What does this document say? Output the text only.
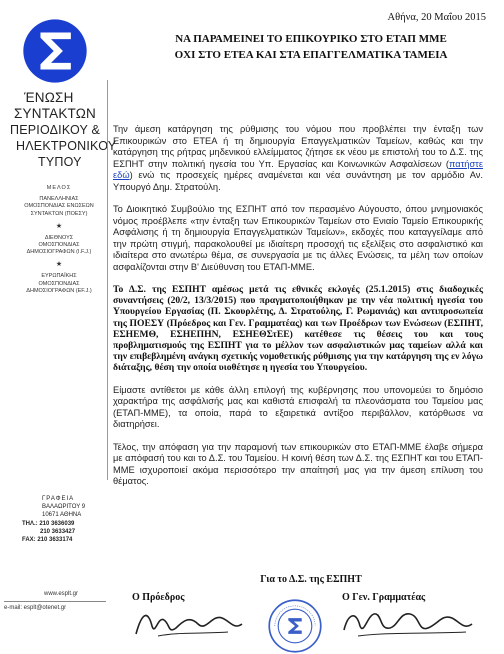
ΈΝΩΣΗ
ΣΥΝΤΑΚΤΩΝ
ΠΕΡΙΟΔΙΚΟΥ &
ΗΛΕΚΤΡΟΝΙΚΟΥ
ΤΥΠΟΥ
ΜΕΛΟΣ
ΠΑΝΕΛΛΗΝΙΑΣ ΟΜΟΣΠΟΝΔΙΑΣ ΕΝΩΣΕΩΝ ΣΥΝΤΑΚΤΩΝ (ΠΟΕΣΥ)
★
ΔΙΕΘΝΟΥΣ ΟΜΟΣΠΟΝΔΙΑΣ ΔΗΜΟΣΙΟΓΡΑΦΩΝ (Ι.F.J.)
★
ΕΥΡΩΠΑΪΚΗΣ ΟΜΟΣΠΟΝΔΙΑΣ ΔΗΜΟΣΙΟΓΡΑΦΩΝ (ΕF.J.)
ΓΡΑΦΕΙΑ
ΒΑΛΑΩΡΙΤΟΥ 9
10671 ΑΘΗΝΑ
ΤΗΛ.: 210 3636039
210 3633427
FAX: 210 3633174
www.esplt.gr
e-mail: esplt@otenet.gr
Αθήνα, 20 Μαΐου 2015
ΝΑ ΠΑΡΑΜΕΙΝΕΙ ΤΟ ΕΠΙΚΟΥΡΙΚΟ ΣΤΟ ΕΤΑΠ ΜΜΕ
ΟΧΙ ΣΤΟ ΕΤΕΑ ΚΑΙ ΣΤΑ ΕΠΑΓΓΕΛΜΑΤΙΚΑ ΤΑΜΕΙΑ

Την άμεση κατάργηση της ρύθμισης του νόμου που προβλέπει την ένταξη των Επικουρικών στο ΕΤΕΑ ή τη δημιουργία Επαγγελματικών Ταμείων, καθώς και την κατάργηση της ρήτρας μηδενικού ελλείμματος ζήτησε εκ νέου με επιστολή του το Δ.Σ. της ΕΣΠΗΤ στην πολιτική ηγεσία του Υπ. Εργασίας και Κοινωνικών Ασφαλίσεων (πατήστε εδώ) ενώ τις προσεχείς ημέρες αναμένεται και νέα συνάντηση με τον αρμόδιο Αν. Υπουργό Δημ. Στρατούλη.

Το Διοικητικό Συμβούλιο της ΕΣΠΗΤ από τον περασμένο Αύγουστο, όπου μνημονιακός νόμος προέβλεπε «την ένταξη των Επικουρικών Ταμείων στο Ενιαίο Ταμείο Επικουρικής Ασφάλισης ή τη δημιουργία Επαγγελματικών Ταμείων», εκδοχές που καταγγείλαμε από την πρώτη στιγμή, παρακολουθεί με ιδιαίτερη προσοχή τις εξελίξεις στο ασφαλιστικό και ιδιαίτερα στο ανωτέρω θέμα, σε συνεργασία με τις άλλες Ενώσεις, τα μέλη των οποίων ασφαλίζονται στην Β' Διεύθυνση του ΕΤΑΠ-ΜΜΕ.

Το Δ.Σ. της ΕΣΠΗΤ αμέσως μετά τις εθνικές εκλογές (25.1.2015) στις διαδοχικές συναντήσεις (20/2, 13/3/2015) που πραγματοποιήθηκαν με την νέα πολιτική ηγεσία του Υπουργείου Εργασίας (Π. Σκουρλέτης, Δ. Στρατούλης, Γ. Ρωμανιάς) και αντιπροσωπεία της ΠΟΕΣΥ (Πρόεδρος και Γεν. Γραμματέας) και των Προέδρων των Ενώσεων (ΕΣΠΗΤ, ΕΣΗΕΜΘ, ΕΣΗΕΠΗΝ, ΕΣΗΕΘΣτΕΕ) κατέθεσε τις θέσεις του και τους προβληματισμούς της ΕΣΠΗΤ για το μέλλον των ασφαλιστικών μας ταμείων αλλά και την επιβεβλημένη ανάγκη σχετικής νομοθετικής ρύθμισης για την κατάργηση της εν λόγω διάταξης, θέση την οποία υιοθέτησε η ηγεσία του Υπουργείου.

Είμαστε αντίθετοι με κάθε άλλη επιλογή της κυβέρνησης που υπονομεύει το δημόσιο χαρακτήρα της ασφάλισής μας και καθιστά επισφαλή τα πλεονάσματα του Ταμείου μας (ΕΤΑΠ-ΜΜΕ), τα οποία, παρά το εξαιρετικά αντίξοο περιβάλλον, κατόρθωσε να διατηρήσει.

Τέλος, την απόφαση για την παραμονή των επικουρικών στο ΕΤΑΠ-ΜΜΕ έλαβε σήμερα με απόφασή του και το Δ.Σ. του Ταμείου. Η κοινή θέση των Δ.Σ. της ΕΣΠΗΤ και του ΕΤΑΠ-ΜΜΕ ισχυροποιεί ακόμα περισσότερο την απαίτησή μας για την άμεση επίλυση του θέματος.

Για το Δ.Σ. της ΕΣΠΗΤ
Ο Πρόεδρος	Ο Γεν. Γραμματέας
